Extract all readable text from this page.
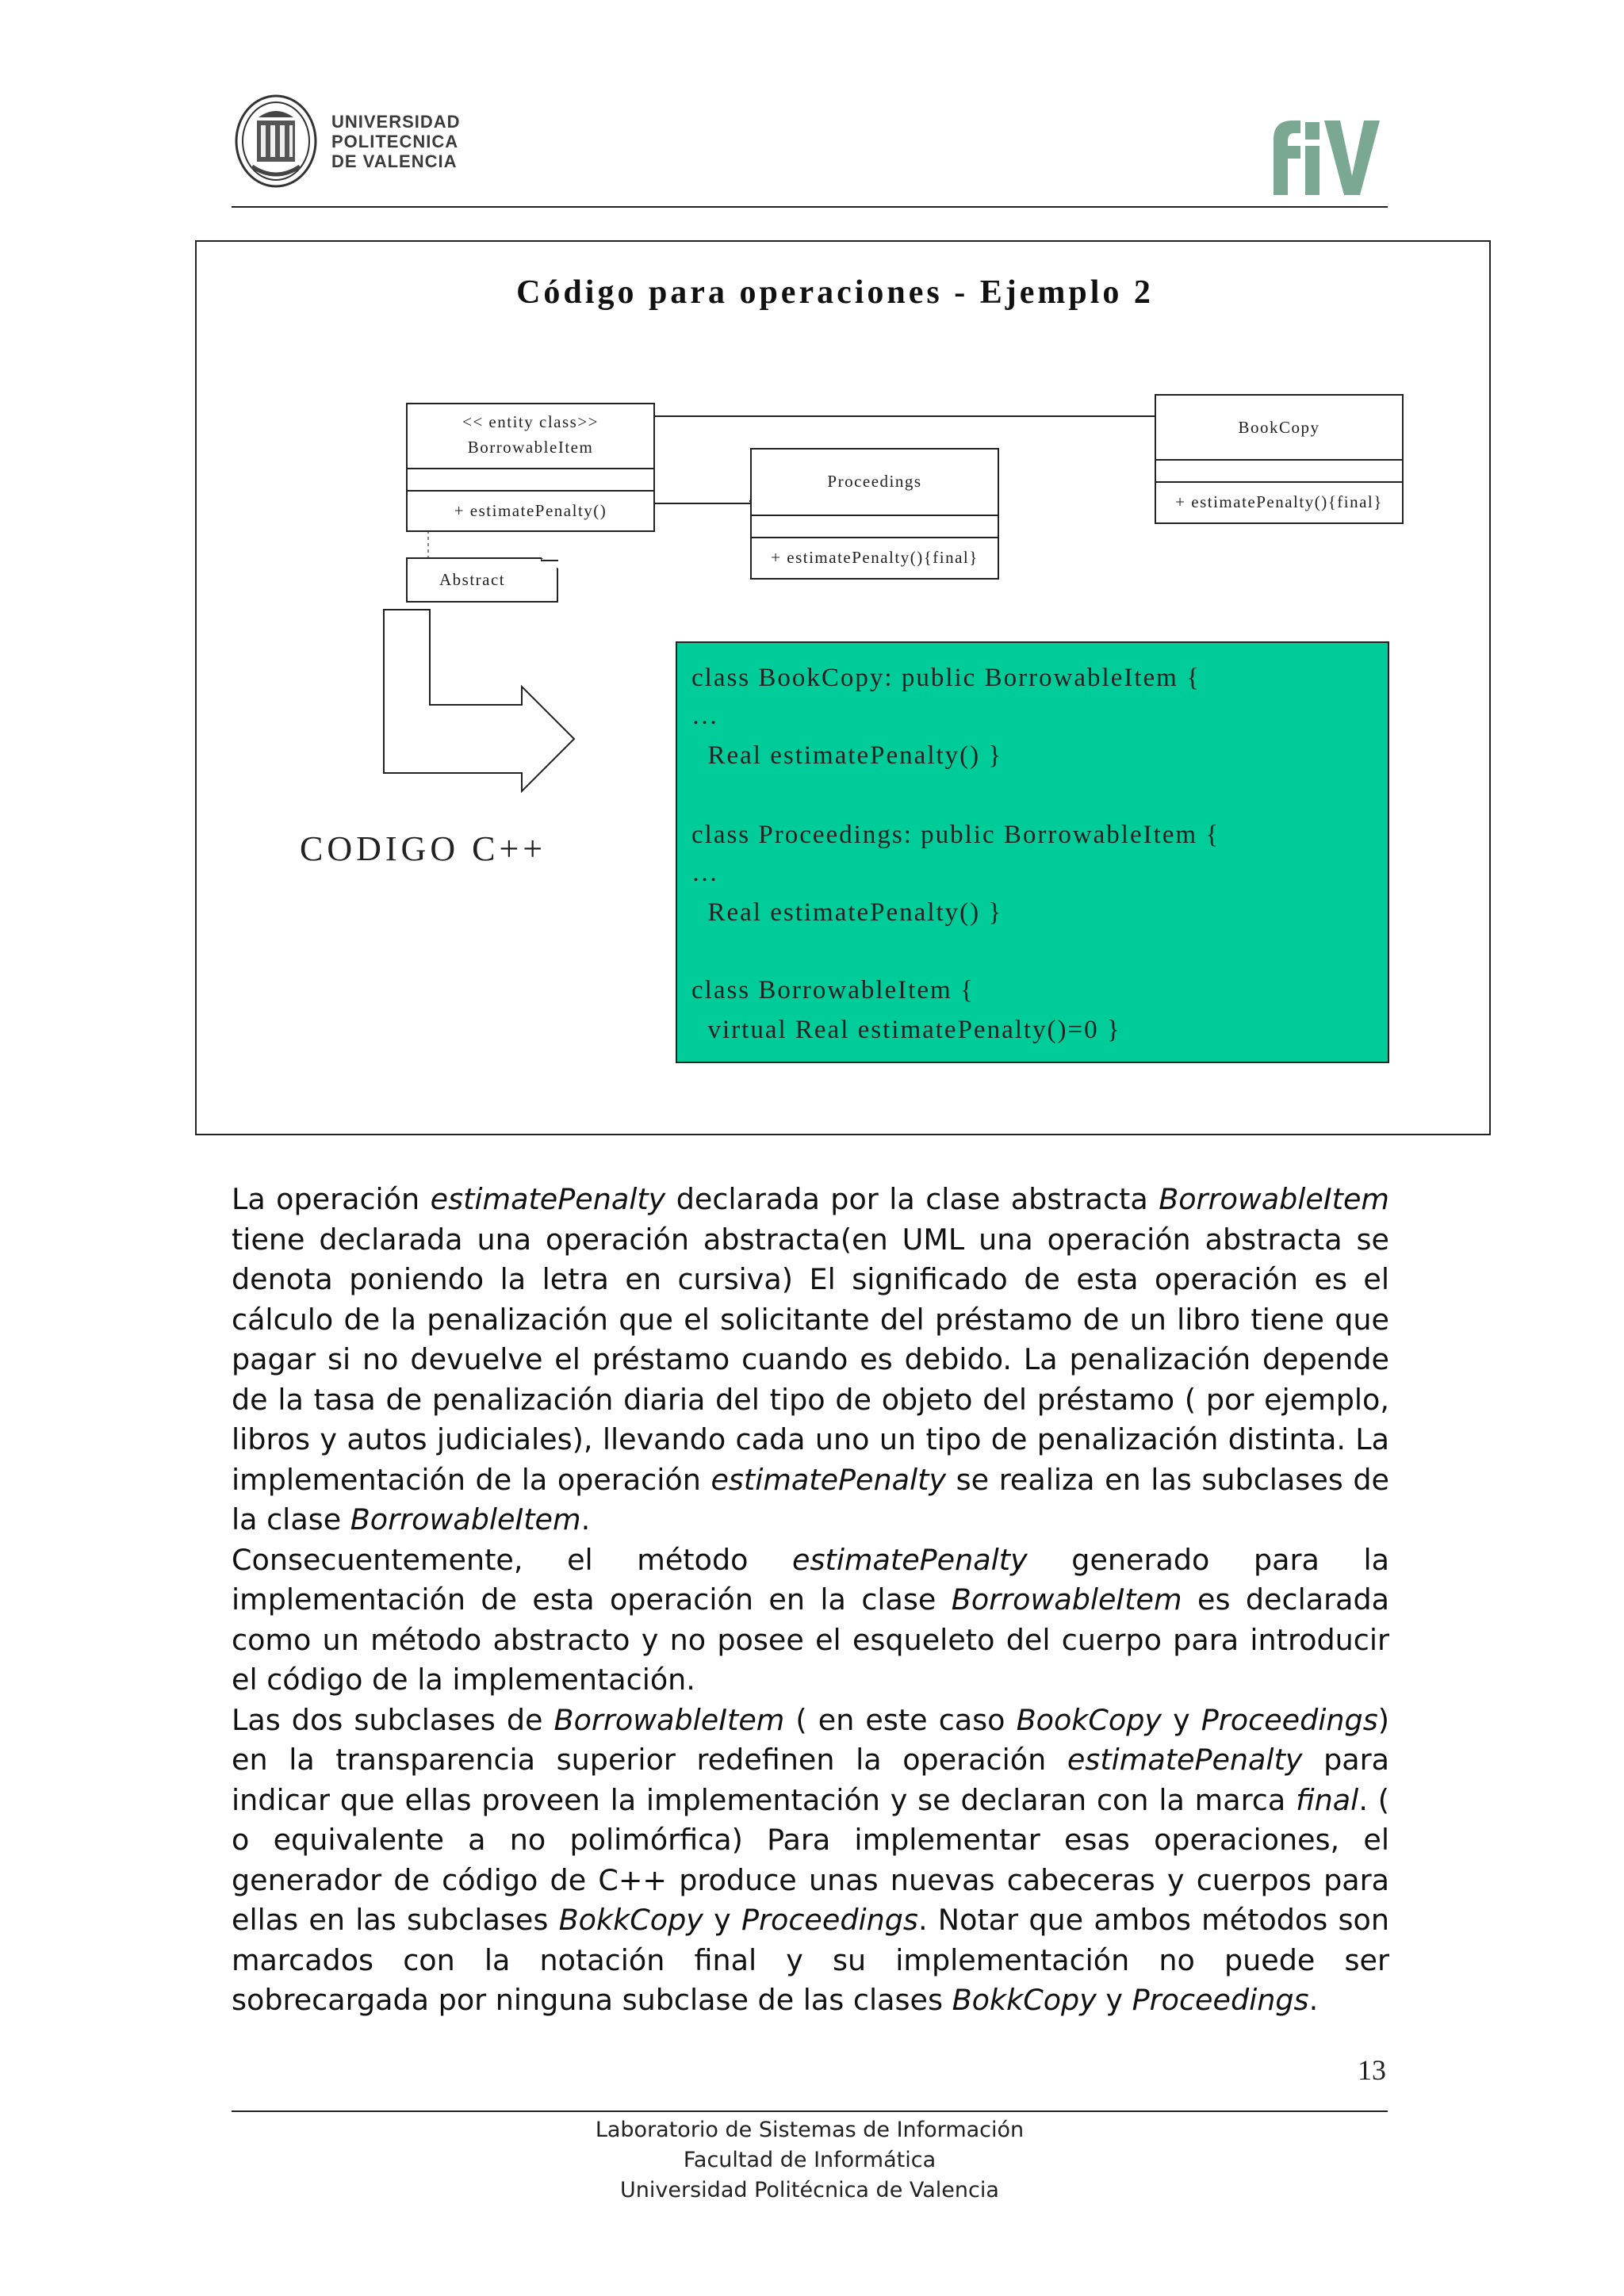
UNIVERSIDAD
POLITECNICA
DE VALENCIA
Código para operaciones - Ejemplo 2
<< entity class>>
BorrowableItem
+ estimatePenalty()
Abstract
Proceedings
+ estimatePenalty(){final}
BookCopy
+ estimatePenalty(){final}
CODIGO C++
class BookCopy: public BorrowableItem {
…
Real estimatePenalty() }
class Proceedings: public BorrowableItem {
…
Real estimatePenalty() }
class BorrowableItem {
virtual Real estimatePenalty()=0 }

La operación estimatePenalty declarada por la clase abstracta BorrowableItem tiene declarada una operación abstracta(en UML una operación abstracta se denota poniendo la letra en cursiva) El significado de esta operación es el cálculo de la penalización que el solicitante del préstamo de un libro tiene que pagar si no devuelve el préstamo cuando es debido. La penalización depende de la tasa de penalización diaria del tipo de objeto del préstamo ( por ejemplo, libros y autos judiciales), llevando cada uno un tipo de penalización distinta. La implementación de la operación estimatePenalty se realiza en las subclases de la clase BorrowableItem.

Consecuentemente, el método estimatePenalty generado para la implementación de esta operación en la clase BorrowableItem es declarada como un método abstracto y no posee el esqueleto del cuerpo para introducir el código de la implementación.

Las dos subclases de BorrowableItem ( en este caso BookCopy y Proceedings) en la transparencia superior redefinen la operación estimatePenalty para indicar que ellas proveen la implementación y se declaran con la marca final. ( o equivalente a no polimórfica) Para implementar esas operaciones, el generador de código de C++ produce unas nuevas cabeceras y cuerpos para ellas en las subclases BokkCopy y Proceedings. Notar que ambos métodos son marcados con la notación final y su implementación no puede ser sobrecargada por ninguna subclase de las clases BokkCopy y Proceedings.

13
Laboratorio de Sistemas de Información
Facultad de Informática
Universidad Politécnica de Valencia
